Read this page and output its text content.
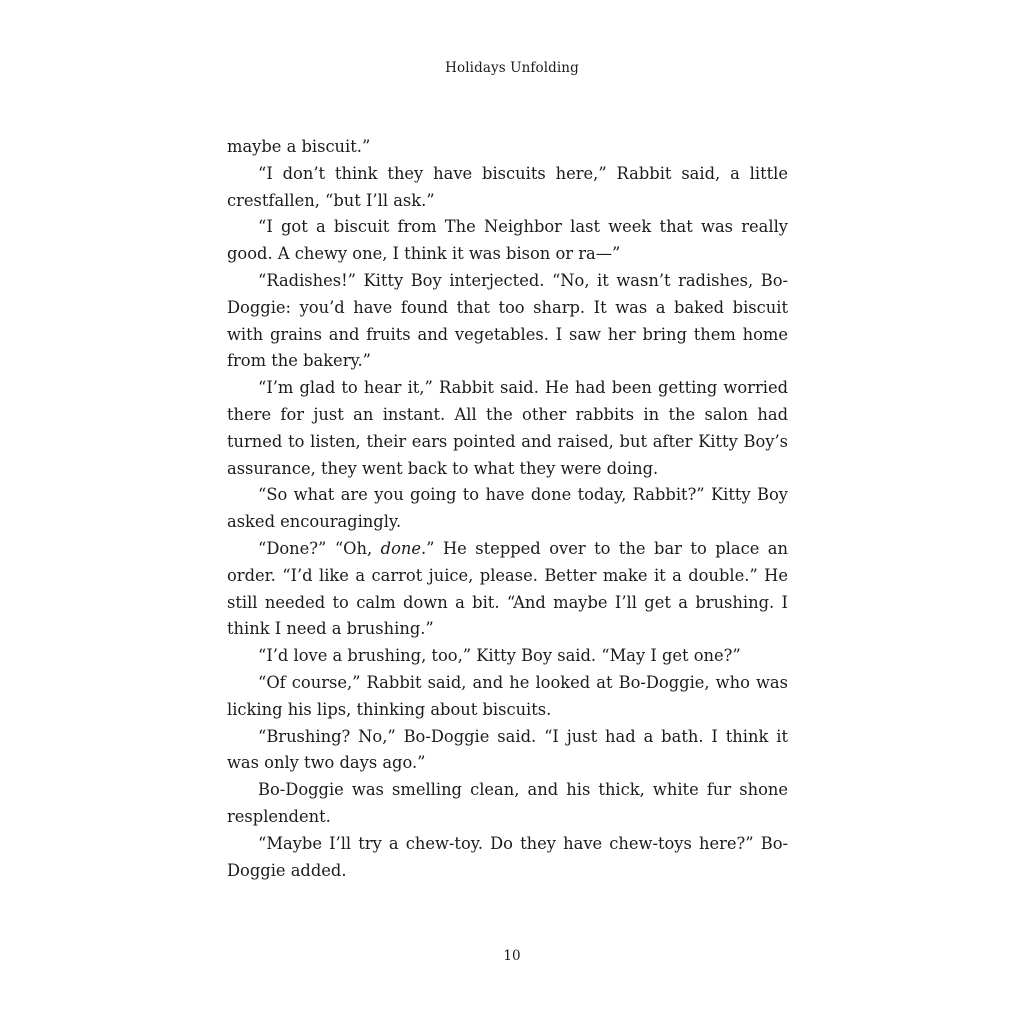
Holidays Unfolding

maybe a biscuit.”

“I don’t think they have biscuits here,” Rabbit said, a little crestfallen, “but I’ll ask.”

“I got a biscuit from The Neighbor last week that was really good. A chewy one, I think it was bison or ra—”

“Radishes!” Kitty Boy interjected. “No, it wasn’t radishes, Bo-Doggie: you’d have found that too sharp. It was a baked biscuit with grains and fruits and vegetables. I saw her bring them home from the bakery.”

“I’m glad to hear it,” Rabbit said. He had been getting worried there for just an instant. All the other rabbits in the salon had turned to listen, their ears pointed and raised, but after Kitty Boy’s assurance, they went back to what they were doing.

“So what are you going to have done today, Rabbit?” Kitty Boy asked encouragingly.

“Done?” “Oh, done.” He stepped over to the bar to place an order. “I’d like a carrot juice, please. Better make it a double.” He still needed to calm down a bit. “And maybe I’ll get a brushing. I think I need a brushing.”

“I’d love a brushing, too,” Kitty Boy said. “May I get one?”

“Of course,” Rabbit said, and he looked at Bo-Doggie, who was licking his lips, thinking about biscuits.

“Brushing? No,” Bo-Doggie said. “I just had a bath. I think it was only two days ago.”

Bo-Doggie was smelling clean, and his thick, white fur shone resplendent.

“Maybe I’ll try a chew-toy. Do they have chew-toys here?” Bo-Doggie added.

10
